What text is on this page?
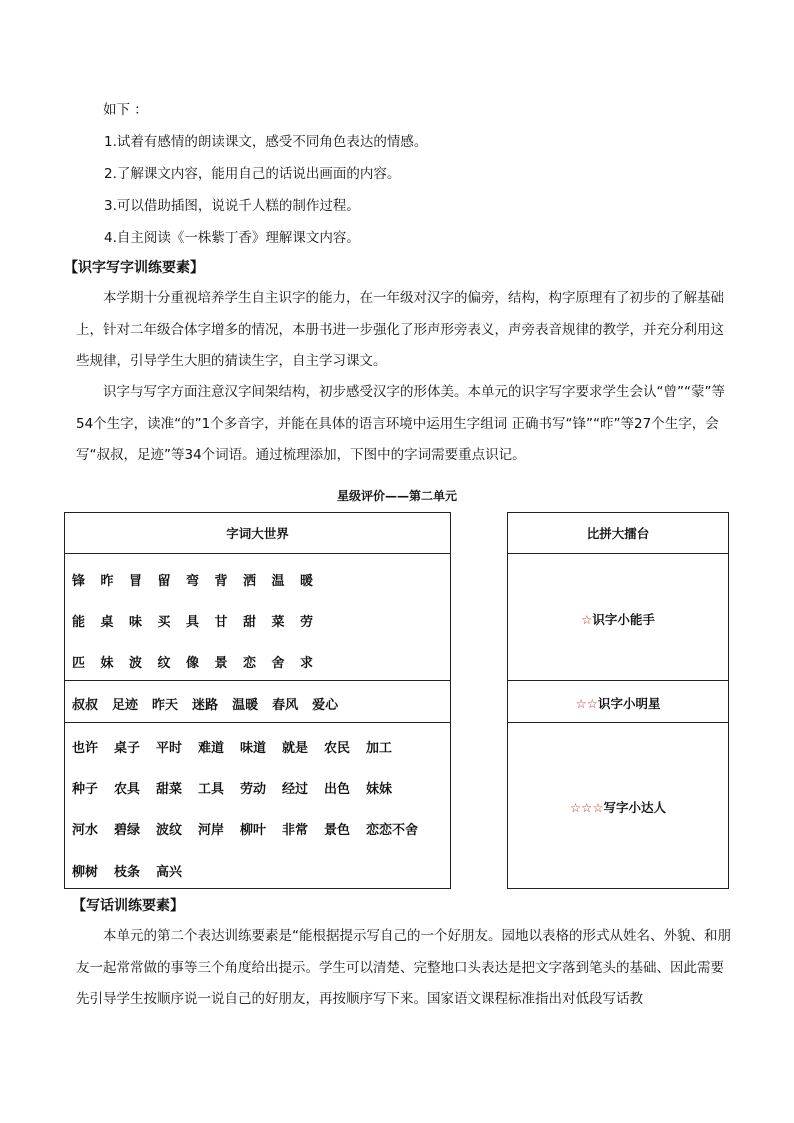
如下 ：
1.试着有感情的朗读课文，感受不同角色表达的情感。
2.了解课文内容，能用自己的话说出画面的内容。
3.可以借助插图，说说千人糕的制作过程。
4.自主阅读《一株紫丁香》理解课文内容。
【识字写字训练要素】
本学期十分重视培养学生自主识字的能力，在一年级对汉字的偏旁，结构，构字原理有了初步的了解基础上，针对二年级合体字增多的情况，本册书进一步强化了形声形旁表义，声旁表音规律的教学，并充分利用这些规律，引导学生大胆的猜读生字，自主学习课文。
识字与写字方面注意汉字间架结构，初步感受汉字的形体美。本单元的识字写字要求学生会认“曾”“蒙”等54个生字，读准“的”1个多音字，并能在具体的语言环境中运用生字组词 正确书写“锋”“昨”等27个生字，会写“叔叔，足迹”等34个词语。通过梳理添加，下图中的字词需要重点识记。
星级评价——第二单元
字词大世界
锋	昨	冒	留	弯	背	洒	温	暖
能	桌	味	买	具	甘	甜	菜	劳
匹	妹	波	纹	像	景	恋	舍	求
叔叔 足迹 昨天 迷路 温暖 春风 爱心
也许	桌子	平时	难道	味道	就是	农民	加工
种子	农具	甜菜	工具	劳动	经过	出色	妹妹
河水	碧绿	波纹	河岸	柳叶	非常	景色	恋恋不舍
柳树	枝条	高兴
比拼大擂台
☆识字小能手
☆☆识字小明星
☆☆☆写字小达人
【写话训练要素】
本单元的第二个表达训练要素是“能根据提示写自己的一个好朋友。园地以表格的形式从姓名、外貌、和朋友一起常常做的事等三个角度给出提示。学生可以清楚、完整地口头表达是把文字落到笔头的基础、因此需要先引导学生按顺序说一说自己的好朋友，再按顺序写下来。国家语文课程标准指出对低段写话教
